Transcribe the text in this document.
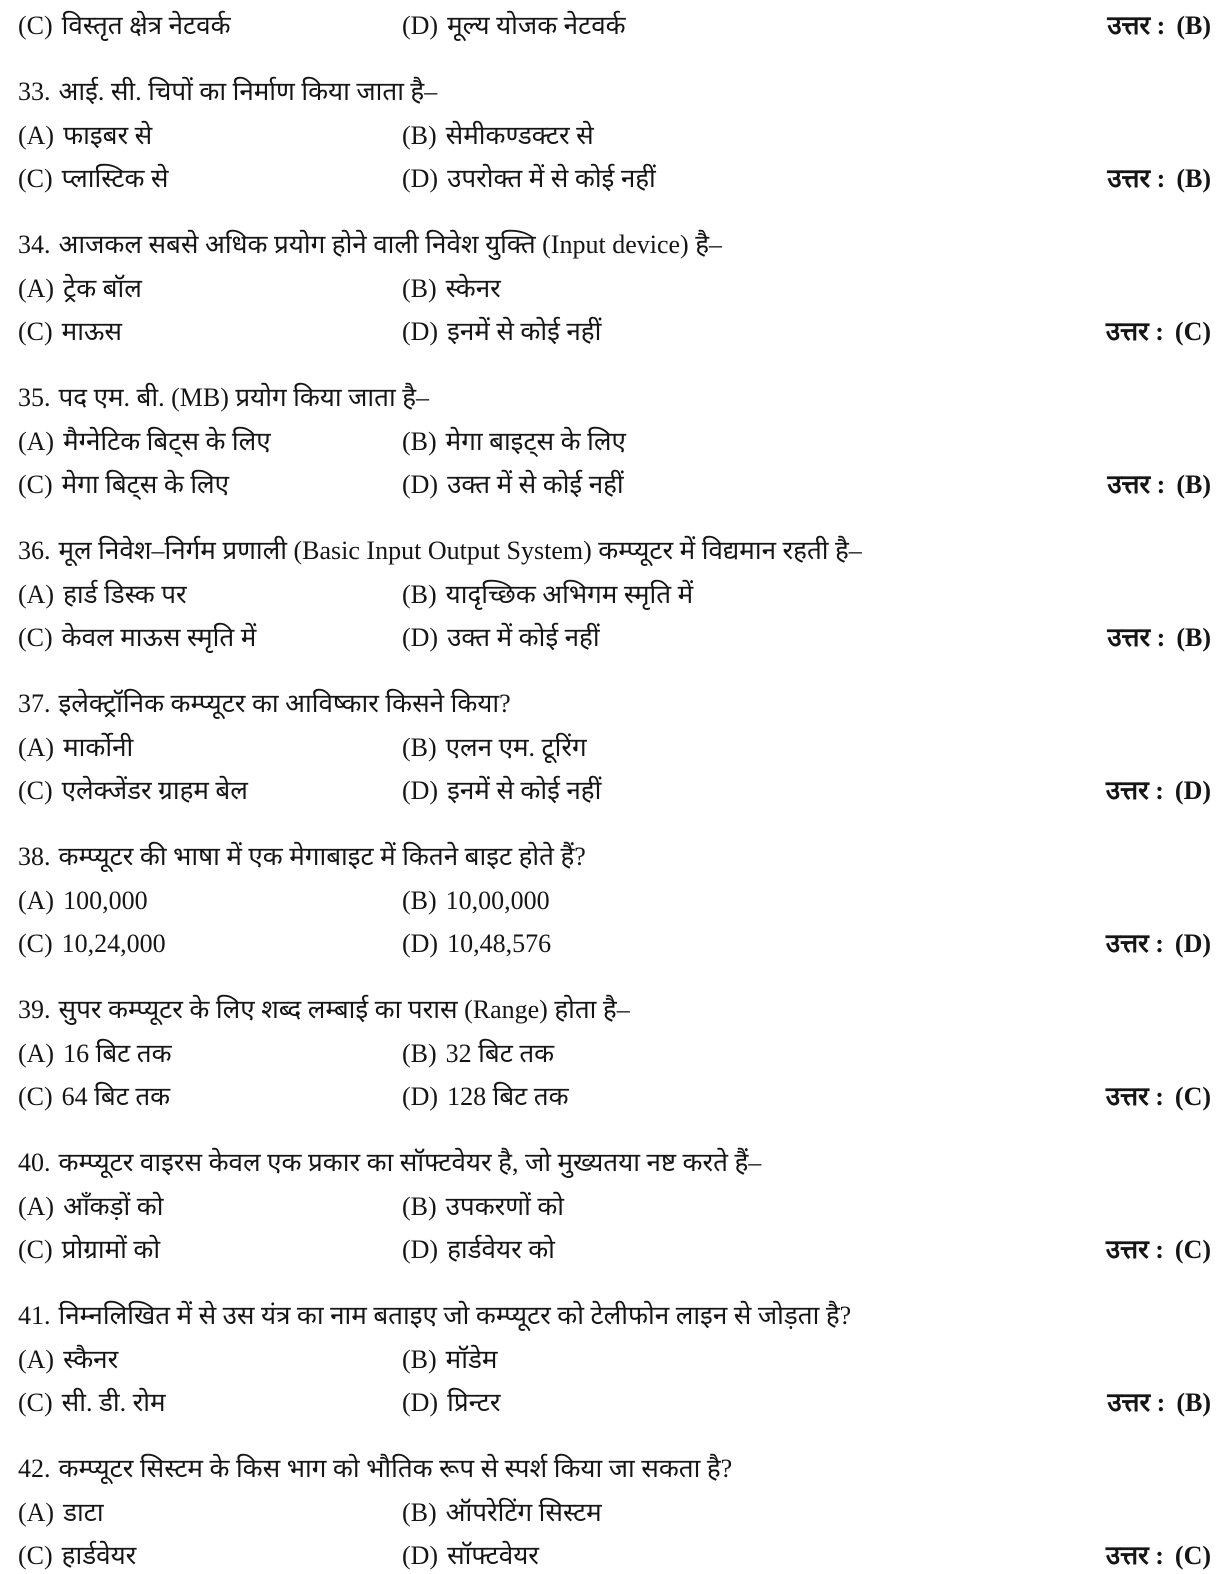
(C) विस्तृत क्षेत्र नेटवर्क	(D) मूल्य योजक नेटवर्क	उत्तर : (B)
33. आई. सी. चिपों का निर्माण किया जाता है–
(A) फाइबर से	(B) सेमीकण्डक्टर से
(C) प्लास्टिक से	(D) उपरोक्त में से कोई नहीं	उत्तर : (B)
34. आजकल सबसे अधिक प्रयोग होने वाली निवेश युक्ति (Input device) है–
(A) ट्रेक बॉल	(B) स्केनर
(C) माऊस	(D) इनमें से कोई नहीं	उत्तर : (C)
35. पद एम. बी. (MB) प्रयोग किया जाता है–
(A) मैग्नेटिक बिट्स के लिए	(B) मेगा बाइट्स के लिए
(C) मेगा बिट्स के लिए	(D) उक्त में से कोई नहीं	उत्तर : (B)
36. मूल निवेश–निर्गम प्रणाली (Basic Input Output System) कम्प्यूटर में विद्यमान रहती है–
(A) हार्ड डिस्क पर	(B) यादृच्छिक अभिगम स्मृति में
(C) केवल माऊस स्मृति में	(D) उक्त में कोई नहीं	उत्तर : (B)
37. इलेक्ट्रॉनिक कम्प्यूटर का आविष्कार किसने किया?
(A) मार्कोनी	(B) एलन एम. टूरिंग
(C) एलेक्जेंडर ग्राहम बेल	(D) इनमें से कोई नहीं	उत्तर : (D)
38. कम्प्यूटर की भाषा में एक मेगाबाइट में कितने बाइट होते हैं?
(A) 100,000	(B) 10,00,000
(C) 10,24,000	(D) 10,48,576	उत्तर : (D)
39. सुपर कम्प्यूटर के लिए शब्द लम्बाई का परास (Range) होता है–
(A) 16 बिट तक	(B) 32 बिट तक
(C) 64 बिट तक	(D) 128 बिट तक	उत्तर : (C)
40. कम्प्यूटर वाइरस केवल एक प्रकार का सॉफ्टवेयर है, जो मुख्यतया नष्ट करते हैं–
(A) आँकड़ों को	(B) उपकरणों को
(C) प्रोग्रामों को	(D) हार्डवेयर को	उत्तर : (C)
41. निम्नलिखित में से उस यंत्र का नाम बताइए जो कम्प्यूटर को टेलीफोन लाइन से जोड़ता है?
(A) स्कैनर	(B) मॉडेम
(C) सी. डी. रोम	(D) प्रिन्टर	उत्तर : (B)
42. कम्प्यूटर सिस्टम के किस भाग को भौतिक रूप से स्पर्श किया जा सकता है?
(A) डाटा	(B) ऑपरेटिंग सिस्टम
(C) हार्डवेयर	(D) सॉफ्टवेयर	उत्तर : (C)
